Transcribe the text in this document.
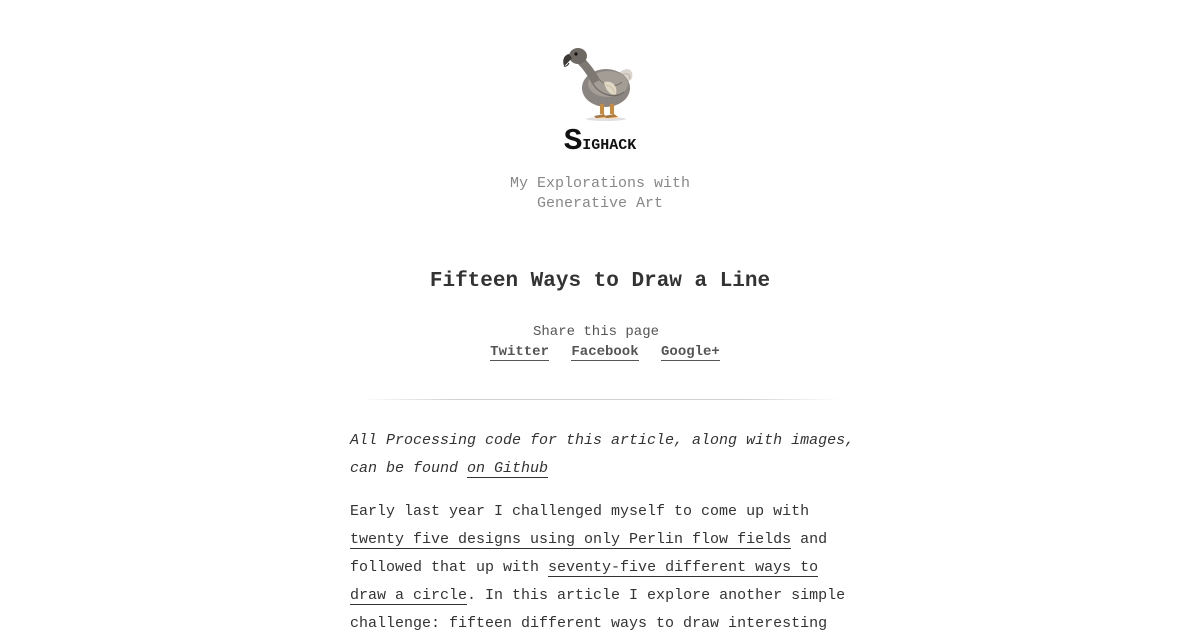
Sighack

My Explorations with Generative Art

Fifteen Ways to Draw a Line
Share this page
Twitter Facebook Google+

All Processing code for this article, along with images, can be found on Github

Early last year I challenged myself to come up with twenty five designs using only Perlin flow fields and followed that up with seventy-five different ways to draw a circle. In this article I explore another simple challenge: fifteen different ways to draw interesting
